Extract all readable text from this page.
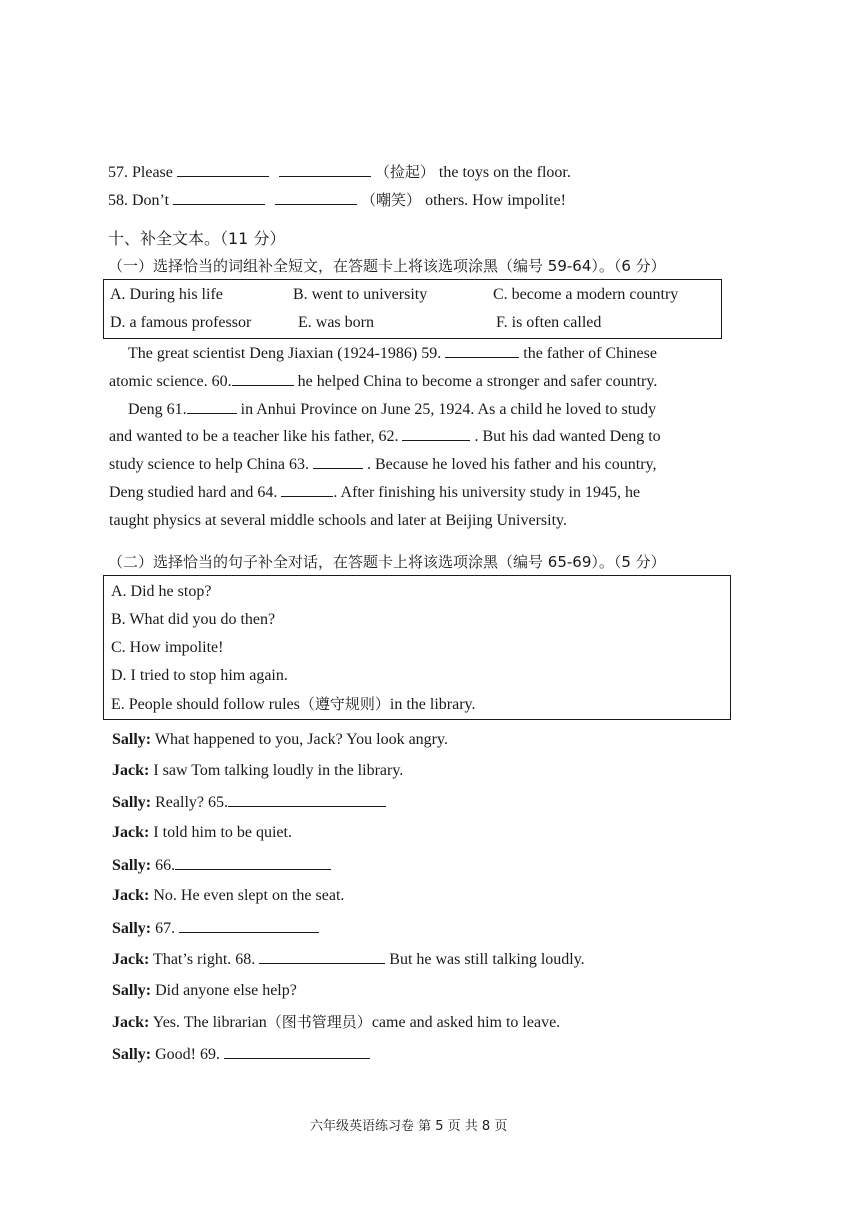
57. Please	（捡起） the toys on the floor.
58. Don’t	（嘲笑） others. How impolite!
十、补全文本。（11 分）
（一）选择恰当的词组补全短文，在答题卡上将该选项涂黑（编号 59-64）。（6 分）
A. During his life	B. went to university	C. become a modern country
D. a famous professor	E. was born	F. is often called
The great scientist Deng Jiaxian (1924-1986) 59.	the father of Chinese
atomic science. 60.	he helped China to become a stronger and safer country.
Deng 61.	in Anhui Province on June 25, 1924. As a child he loved to study
and wanted to be a teacher like his father, 62.	. But his dad wanted Deng to
study science to help China 63.	. Because he loved his father and his country,
Deng studied hard and 64.	. After finishing his university study in 1945, he
taught physics at several middle schools and later at Beijing University.
（二）选择恰当的句子补全对话，在答题卡上将该选项涂黑（编号 65-69）。（5 分）
A. Did he stop?
B. What did you do then?
C. How impolite!
D. I tried to stop him again.
E. People should follow rules（遵守规则）in the library.
Sally: What happened to you, Jack? You look angry.
Jack: I saw Tom talking loudly in the library.
Sally: Really? 65.
Jack: I told him to be quiet.
Sally: 66.
Jack: No. He even slept on the seat.
Sally: 67.
Jack: That’s right. 68.	But he was still talking loudly.
Sally: Did anyone else help?
Jack: Yes. The librarian（图书管理员）came and asked him to leave.
Sally: Good! 69.
六年级英语练习卷 第 5 页 共 8 页
